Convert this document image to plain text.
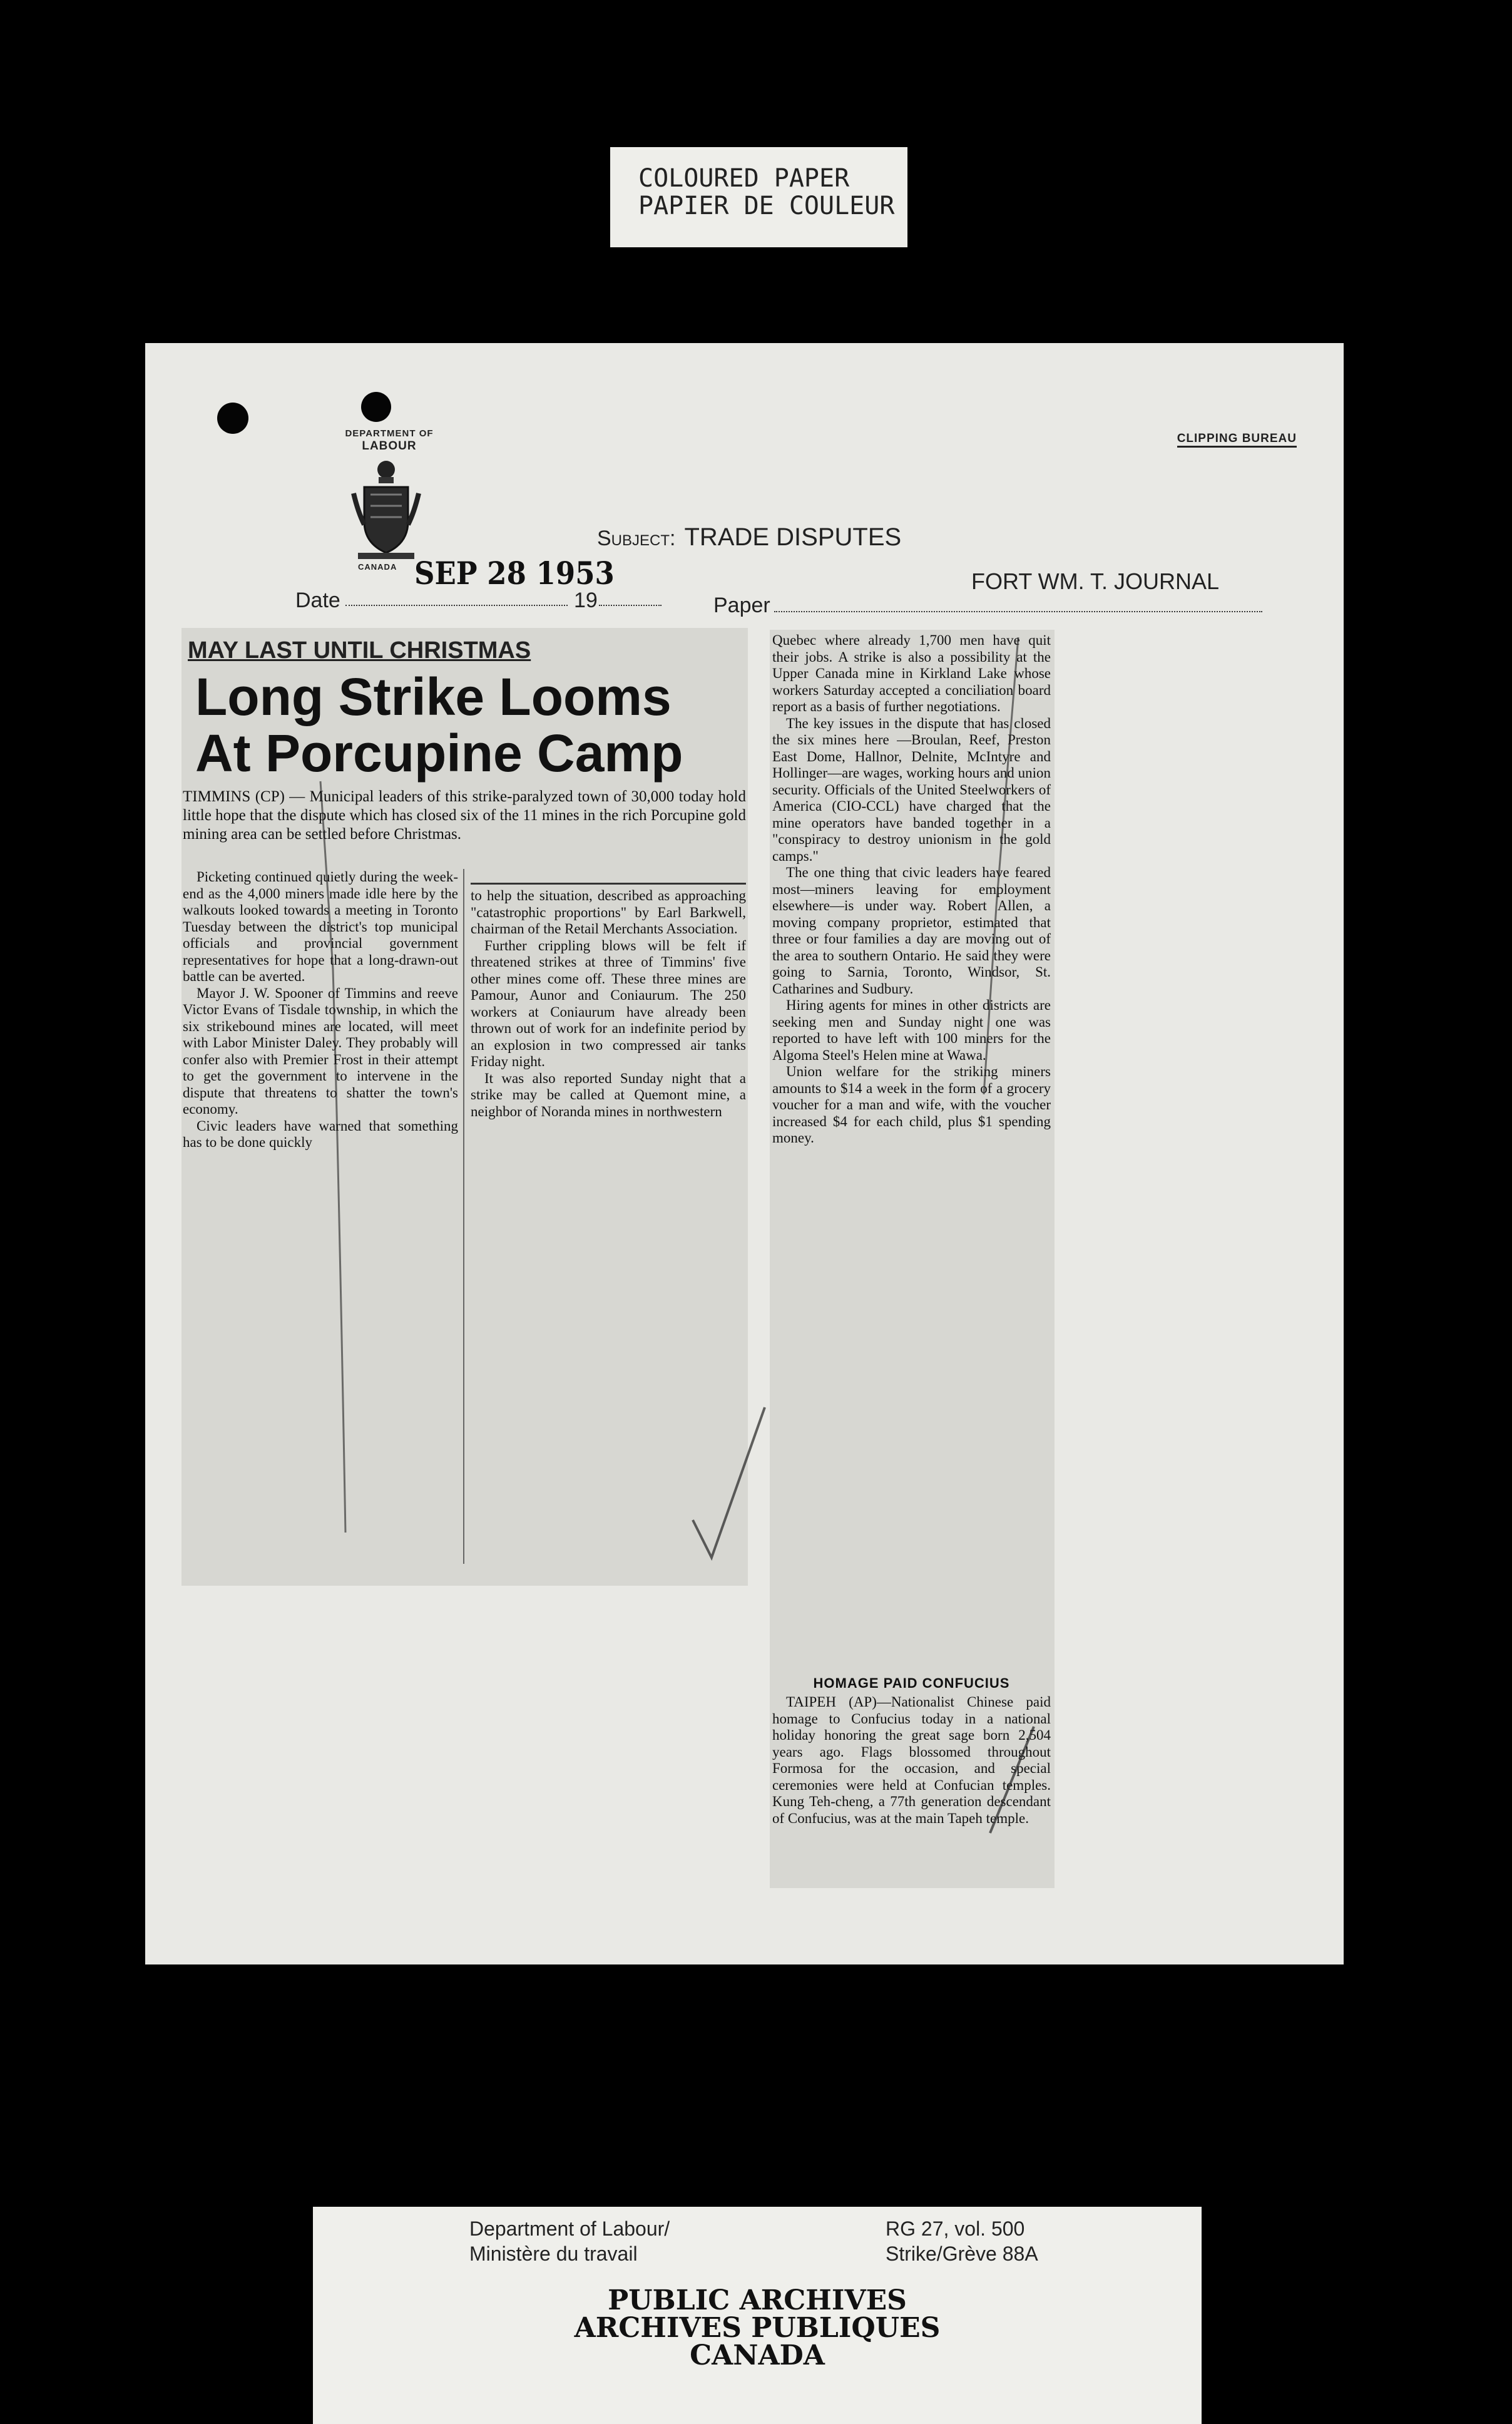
COLOURED PAPER
PAPIER DE COULEUR
DEPARTMENT OF
LABOUR
CANADA
CLIPPING BUREAU
Subject: TRADE DISPUTES
SEP 28 1953
Date	19	Paper
FORT WM. T. JOURNAL
MAY LAST UNTIL CHRISTMAS
Long Strike Looms
At Porcupine Camp
TIMMINS (CP) — Municipal leaders of this strike-paralyzed town of 30,000 today hold little hope that the dispute which has closed six of the 11 mines in the rich Porcupine gold mining area can be settled before Christmas.

Picketing continued quietly during the week-end as the 4,000 miners made idle here by the walkouts looked towards a meeting in Toronto Tuesday between the district's top municipal officials and provincial government representatives for hope that a long-drawn-out battle can be averted.

Mayor J. W. Spooner of Timmins and reeve Victor Evans of Tisdale township, in which the six strikebound mines are located, will meet with Labor Minister Daley. They probably will confer also with Premier Frost in their attempt to get the government to intervene in the dispute that threatens to shatter the town's economy.

Civic leaders have warned that something has to be done quickly

to help the situation, described as approaching "catastrophic proportions" by Earl Barkwell, chairman of the Retail Merchants Association.

Further crippling blows will be felt if threatened strikes at three of Timmins' five other mines come off. These three mines are Pamour, Aunor and Coniaurum. The 250 workers at Coniaurum have already been thrown out of work for an indefinite period by an explosion in two compressed air tanks Friday night.

It was also reported Sunday night that a strike may be called at Quemont mine, a neighbor of Noranda mines in northwestern

Quebec where already 1,700 men have quit their jobs. A strike is also a possibility at the Upper Canada mine in Kirkland Lake whose workers Saturday accepted a conciliation board report as a basis of further negotiations.

The key issues in the dispute that has closed the six mines here —Broulan, Reef, Preston East Dome, Hallnor, Delnite, McIntyre and Hollinger—are wages, working hours and union security. Officials of the United Steelworkers of America (CIO-CCL) have charged that the mine operators have banded together in a "conspiracy to destroy unionism in the gold camps."

The one thing that civic leaders have feared most—miners leaving for employment elsewhere—is under way. Robert Allen, a moving company proprietor, estimated that three or four families a day are moving out of the area to southern Ontario. He said they were going to Sarnia, Toronto, Windsor, St. Catharines and Sudbury.

Hiring agents for mines in other districts are seeking men and Sunday night one was reported to have left with 100 miners for the Algoma Steel's Helen mine at Wawa.

Union welfare for the striking miners amounts to $14 a week in the form of a grocery voucher for a man and wife, with the voucher increased $4 for each child, plus $1 spending money.

HOMAGE PAID CONFUCIUS

TAIPEH (AP)—Nationalist Chinese paid homage to Confucius today in a national holiday honoring the great sage born 2,504 years ago. Flags blossomed throughout Formosa for the occasion, and special ceremonies were held at Confucian temples. Kung Teh-cheng, a 77th generation descendant of Confucius, was at the main Tapeh temple.

Department of Labour/
Ministère du travail
RG 27, vol. 500
Strike/Grève 88A
PUBLIC ARCHIVES
ARCHIVES PUBLIQUES
CANADA
